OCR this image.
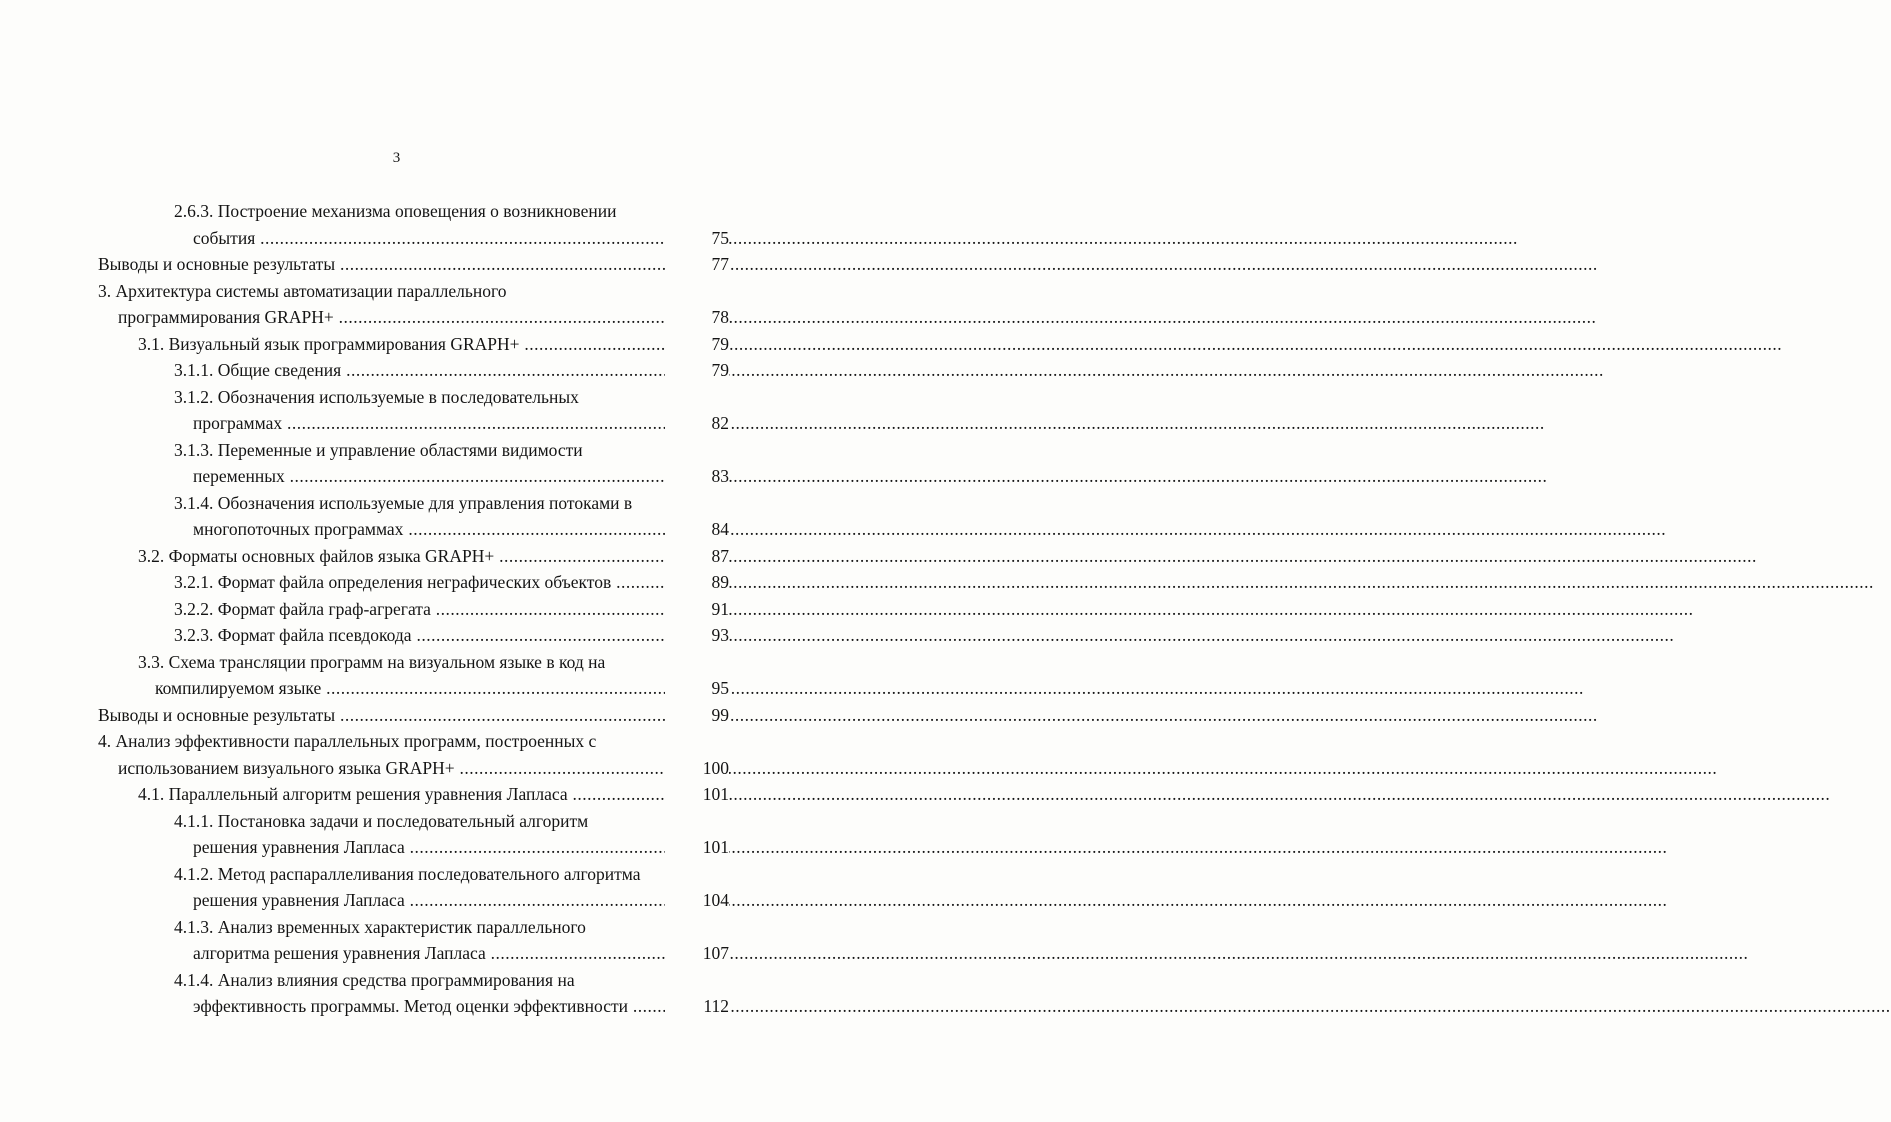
3
2.6.3. Построение механизма оповещения о возникновении
события .....	75
Выводы и основные результаты .....	77
3. Архитектура системы автоматизации параллельного
программирования GRAPH+ .....	78
3.1. Визуальный язык программирования GRAPH+ .....	79
3.1.1. Общие сведения .....	79
3.1.2. Обозначения используемые в последовательных
программах .....	82
3.1.3. Переменные и управление областями видимости
переменных .....	83
3.1.4. Обозначения используемые для управления потоками в
многопоточных программах .....	84
3.2. Форматы основных файлов языка GRAPH+ .....	87
3.2.1. Формат файла определения неграфических объектов .....	89
3.2.2. Формат файла граф-агрегата .....	91
3.2.3. Формат файла псевдокода .....	93
3.3. Схема трансляции программ на визуальном языке в код на
компилируемом языке .....	95
Выводы и основные результаты .....	99
4. Анализ эффективности параллельных программ, построенных с
использованием визуального языка GRAPH+ .....	100
4.1. Параллельный алгоритм решения уравнения Лапласа .....	101
4.1.1. Постановка задачи и последовательный алгоритм
решения уравнения Лапласа .....	101
4.1.2. Метод распараллеливания последовательного алгоритма
решения уравнения Лапласа .....	104
4.1.3. Анализ временных характеристик параллельного
алгоритма решения уравнения Лапласа .....	107
4.1.4. Анализ влияния средства программирования на
эффективность программы. Метод оценки эффективности .....	112
